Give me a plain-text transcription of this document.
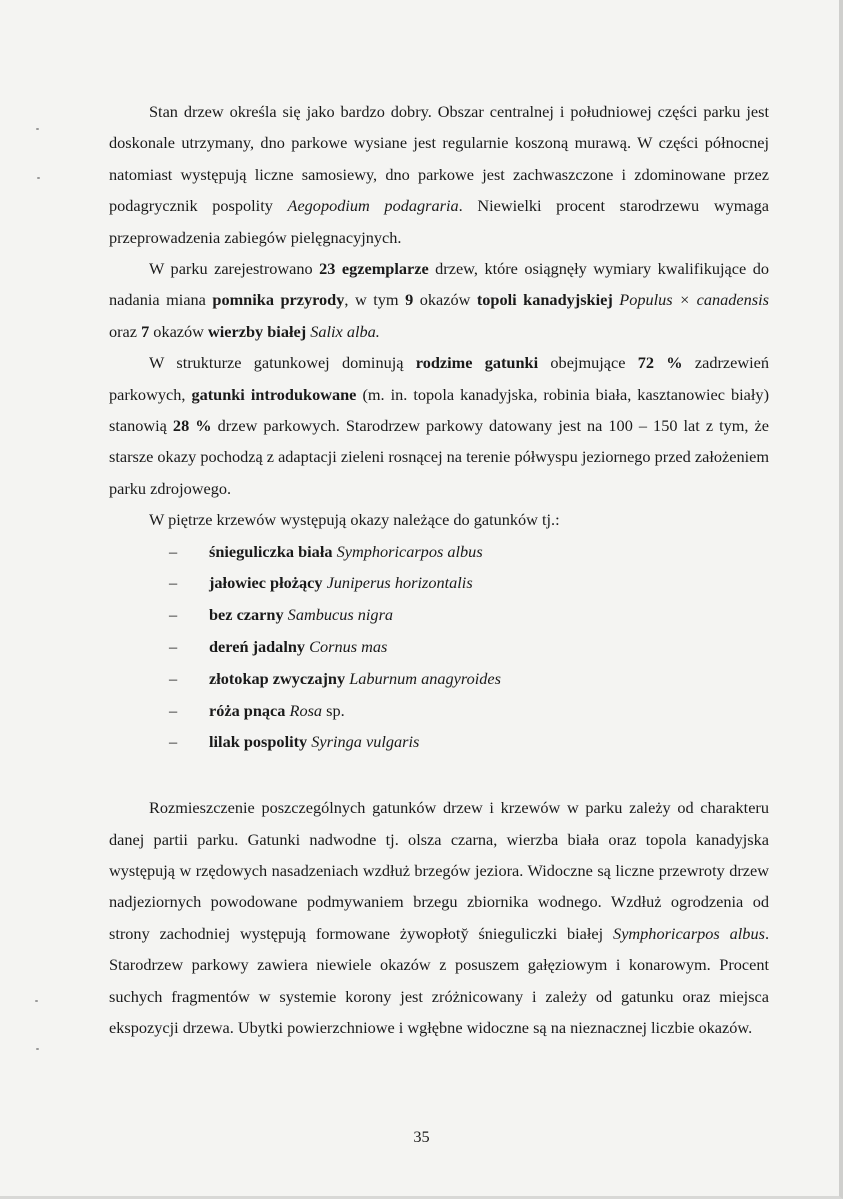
Stan drzew określa się jako bardzo dobry. Obszar centralnej i południowej części parku jest doskonale utrzymany, dno parkowe wysiane jest regularnie koszoną murawą. W części północnej natomiast występują liczne samosiewy, dno parkowe jest zachwaszczone i zdominowane przez podagrycznik pospolity Aegopodium podagraria. Niewielki procent starodrzewu wymaga przeprowadzenia zabiegów pielęgnacyjnych.

W parku zarejestrowano 23 egzemplarze drzew, które osiągnęły wymiary kwalifikujące do nadania miana pomnika przyrody, w tym 9 okazów topoli kanadyjskiej Populus × canadensis oraz 7 okazów wierzby białej Salix alba.

W strukturze gatunkowej dominują rodzime gatunki obejmujące 72 % zadrzewień parkowych, gatunki introdukowane (m. in. topola kanadyjska, robinia biała, kasztanowiec biały) stanowią 28 % drzew parkowych. Starodrzew parkowy datowany jest na 100 – 150 lat z tym, że starsze okazy pochodzą z adaptacji zieleni rosnącej na terenie półwyspu jeziornego przed założeniem parku zdrojowego.

W piętrze krzewów występują okazy należące do gatunków tj.:

– śnieguliczka biała Symphoricarpos albus
– jałowiec płożący Juniperus horizontalis
– bez czarny Sambucus nigra
– dereń jadalny Cornus mas
– złotokap zwyczajny Laburnum anagyroides
– róża pnąca Rosa sp.
– lilak pospolity Syringa vulgaris

Rozmieszczenie poszczególnych gatunków drzew i krzewów w parku zależy od charakteru danej partii parku. Gatunki nadwodne tj. olsza czarna, wierzba biała oraz topola kanadyjska występują w rzędowych nasadzeniach wzdłuż brzegów jeziora. Widoczne są liczne przewroty drzew nadjeziornych powodowane podmywaniem brzegu zbiornika wodnego. Wzdłuż ogrodzenia od strony zachodniej występują formowane żywopłoty̆ śnieguliczki białej Symphoricarpos albus. Starodrzew parkowy zawiera niewiele okazów z posuszem gałęziowym i konarowym. Procent suchych fragmentów w systemie korony jest zróżnicowany i zależy od gatunku oraz miejsca ekspozycji drzewa. Ubytki powierzchniowe i wgłębne widoczne są na nieznacznej liczbie okazów.

35
